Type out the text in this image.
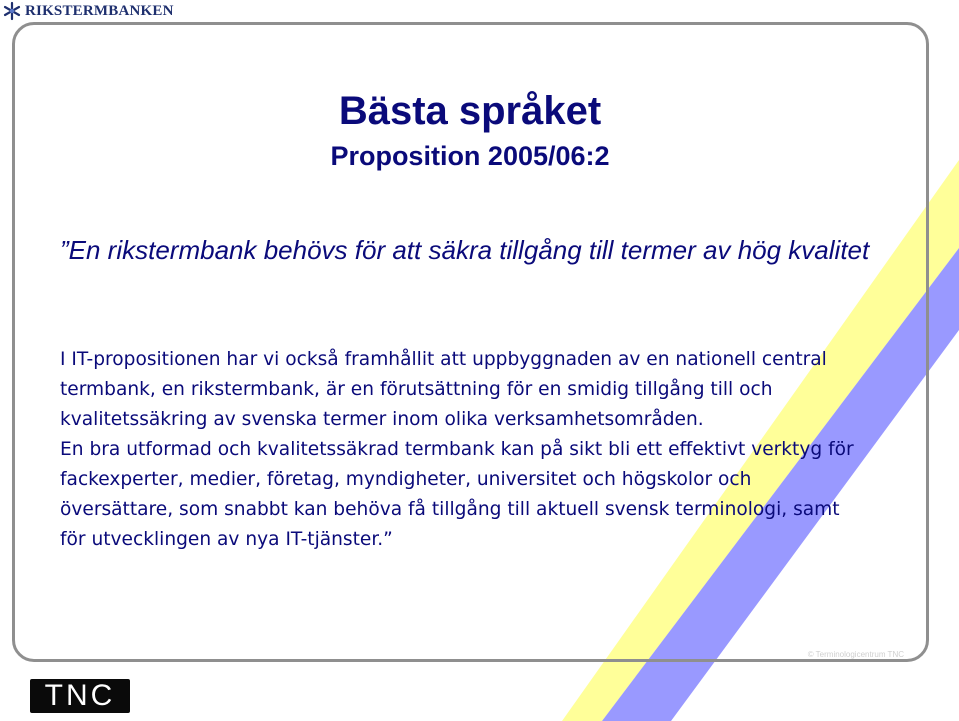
RIKSTERMBANKEN
Bästa språket
Proposition 2005/06:2
”En rikstermbank behövs för att säkra tillgång till termer av hög kvalitet

I IT-propositionen har vi också framhållit att uppbyggnaden av en nationell central termbank, en rikstermbank, är en förutsättning för en smidig tillgång till och kvalitetssäkring av svenska termer inom olika verksamhetsområden.

En bra utformad och kvalitetssäkrad termbank kan på sikt bli ett effektivt verktyg för fackexperter, medier, företag, myndigheter, universitet och högskolor och översättare, som snabbt kan behöva få tillgång till aktuell svensk terminologi, samt för utvecklingen av nya IT-tjänster.”

© Terminologicentrum TNC
TNC
